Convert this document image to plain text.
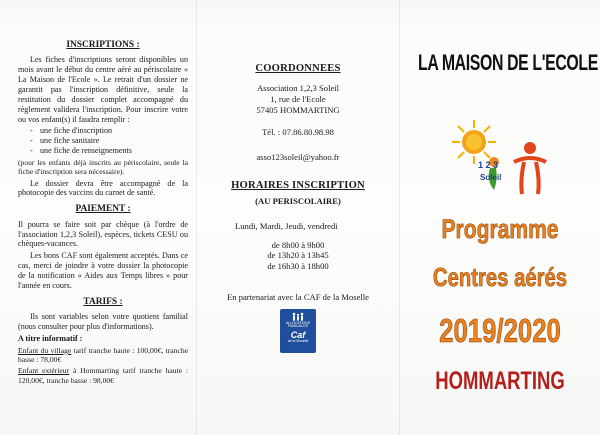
INSCRIPTIONS :

Les fiches d'inscriptions seront disponibles un mois avant le début du centre aéré au périscolaire « La Maison de l'Ecole ». Le retrait d'un dossier ne garantit pas l'inscription définitive, seule la restitution du dossier complet accompagné du règlement validera l'inscription. Pour inscrire votre ou vos enfant(s) il faudra remplir :

- une fiche d'inscription
- une fiche sanitaire
- une fiche de renseignements

(pour les enfants déjà inscrits au périscolaire, seule la fiche d'inscription sera nécessaire).

Le dossier devra être accompagné de la photocopie des vaccins du carnet de santé.

PAIEMENT :

Il pourra se faire soit par chèque (à l'ordre de l'association 1,2,3 Soleil), espèces, tickets CESU ou chèques-vacances.

Les bons CAF sont également acceptés. Dans ce cas, merci de joindre à votre dossier la photocopie de la notification « Aides aux Temps libres » pour l'année en cours.

TARIFS :

Ils sont variables selon votre quotient familial (nous consulter pour plus d'informations).

A titre informatif :

Enfant du village tarif tranche haute : 100,00€, tranche basse : 78,00€

Enfant extérieur à Hommarting tarif tranche haute : 120,00€, tranche basse : 98,00€

COORDONNEES
Association 1,2,3 Soleil
1, rue de l'Ecole
57405 HOMMARTING
Tél. : 07.86.80.98.98
asso123soleil@yahoo.fr
HORAIRES INSCRIPTION
(AU PERISCOLAIRE)
Lundi, Mardi, Jeudi, vendredi
de 8h00 à 9h00
de 13h20 à 13h45
de 16h30 à 18h00
En partenariat avec la CAF de la Moselle
ALLOCATIONS FAMILIALES
Caf
de la Moselle
LA MAISON DE L'ECOLE
1 2 3
Soleil
Programme
Centres aérés
2019/2020
HOMMARTING
